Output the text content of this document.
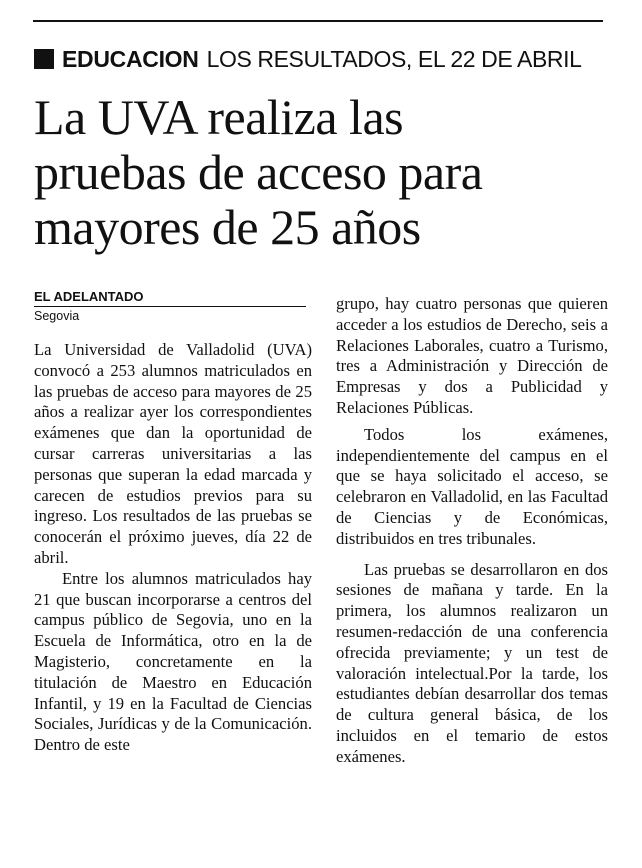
EDUCACION LOS RESULTADOS, EL 22 DE ABRIL
La UVA realiza las
pruebas de acceso para
mayores de 25 años
EL ADELANTADO
Segovia

La Universidad de Valladolid (UVA) convocó a 253 alumnos matriculados en las pruebas de acceso para mayores de 25 años a realizar ayer los correspondientes exámenes que dan la oportunidad de cursar carreras universitarias a las personas que superan la edad marcada y carecen de estudios previos para su ingreso. Los resultados de las pruebas se conocerán el próximo jueves, día 22 de abril.

Entre los alumnos matriculados hay 21 que buscan incorporarse a centros del campus público de Segovia, uno en la Escuela de Informática, otro en la de Magisterio, concretamente en la titulación de Maestro en Educación Infantil, y 19 en la Facultad de Ciencias Sociales, Jurídicas y de la Comunicación. Dentro de este

grupo, hay cuatro personas que quieren acceder a los estudios de Derecho, seis a Relaciones Laborales, cuatro a Turismo, tres a Administración y Dirección de Empresas y dos a Publicidad y Relaciones Públicas.

Todos los exámenes, independientemente del campus en el que se haya solicitado el acceso, se celebraron en Valladolid, en las Facultad de Ciencias y de Económicas, distribuidos en tres tribunales.

Las pruebas se desarrollaron en dos sesiones de mañana y tarde. En la primera, los alumnos realizaron un resumen-redacción de una conferencia ofrecida previamente; y un test de valoración intelectual.Por la tarde, los estudiantes debían desarrollar dos temas de cultura general básica, de los incluidos en el temario de estos exámenes.
